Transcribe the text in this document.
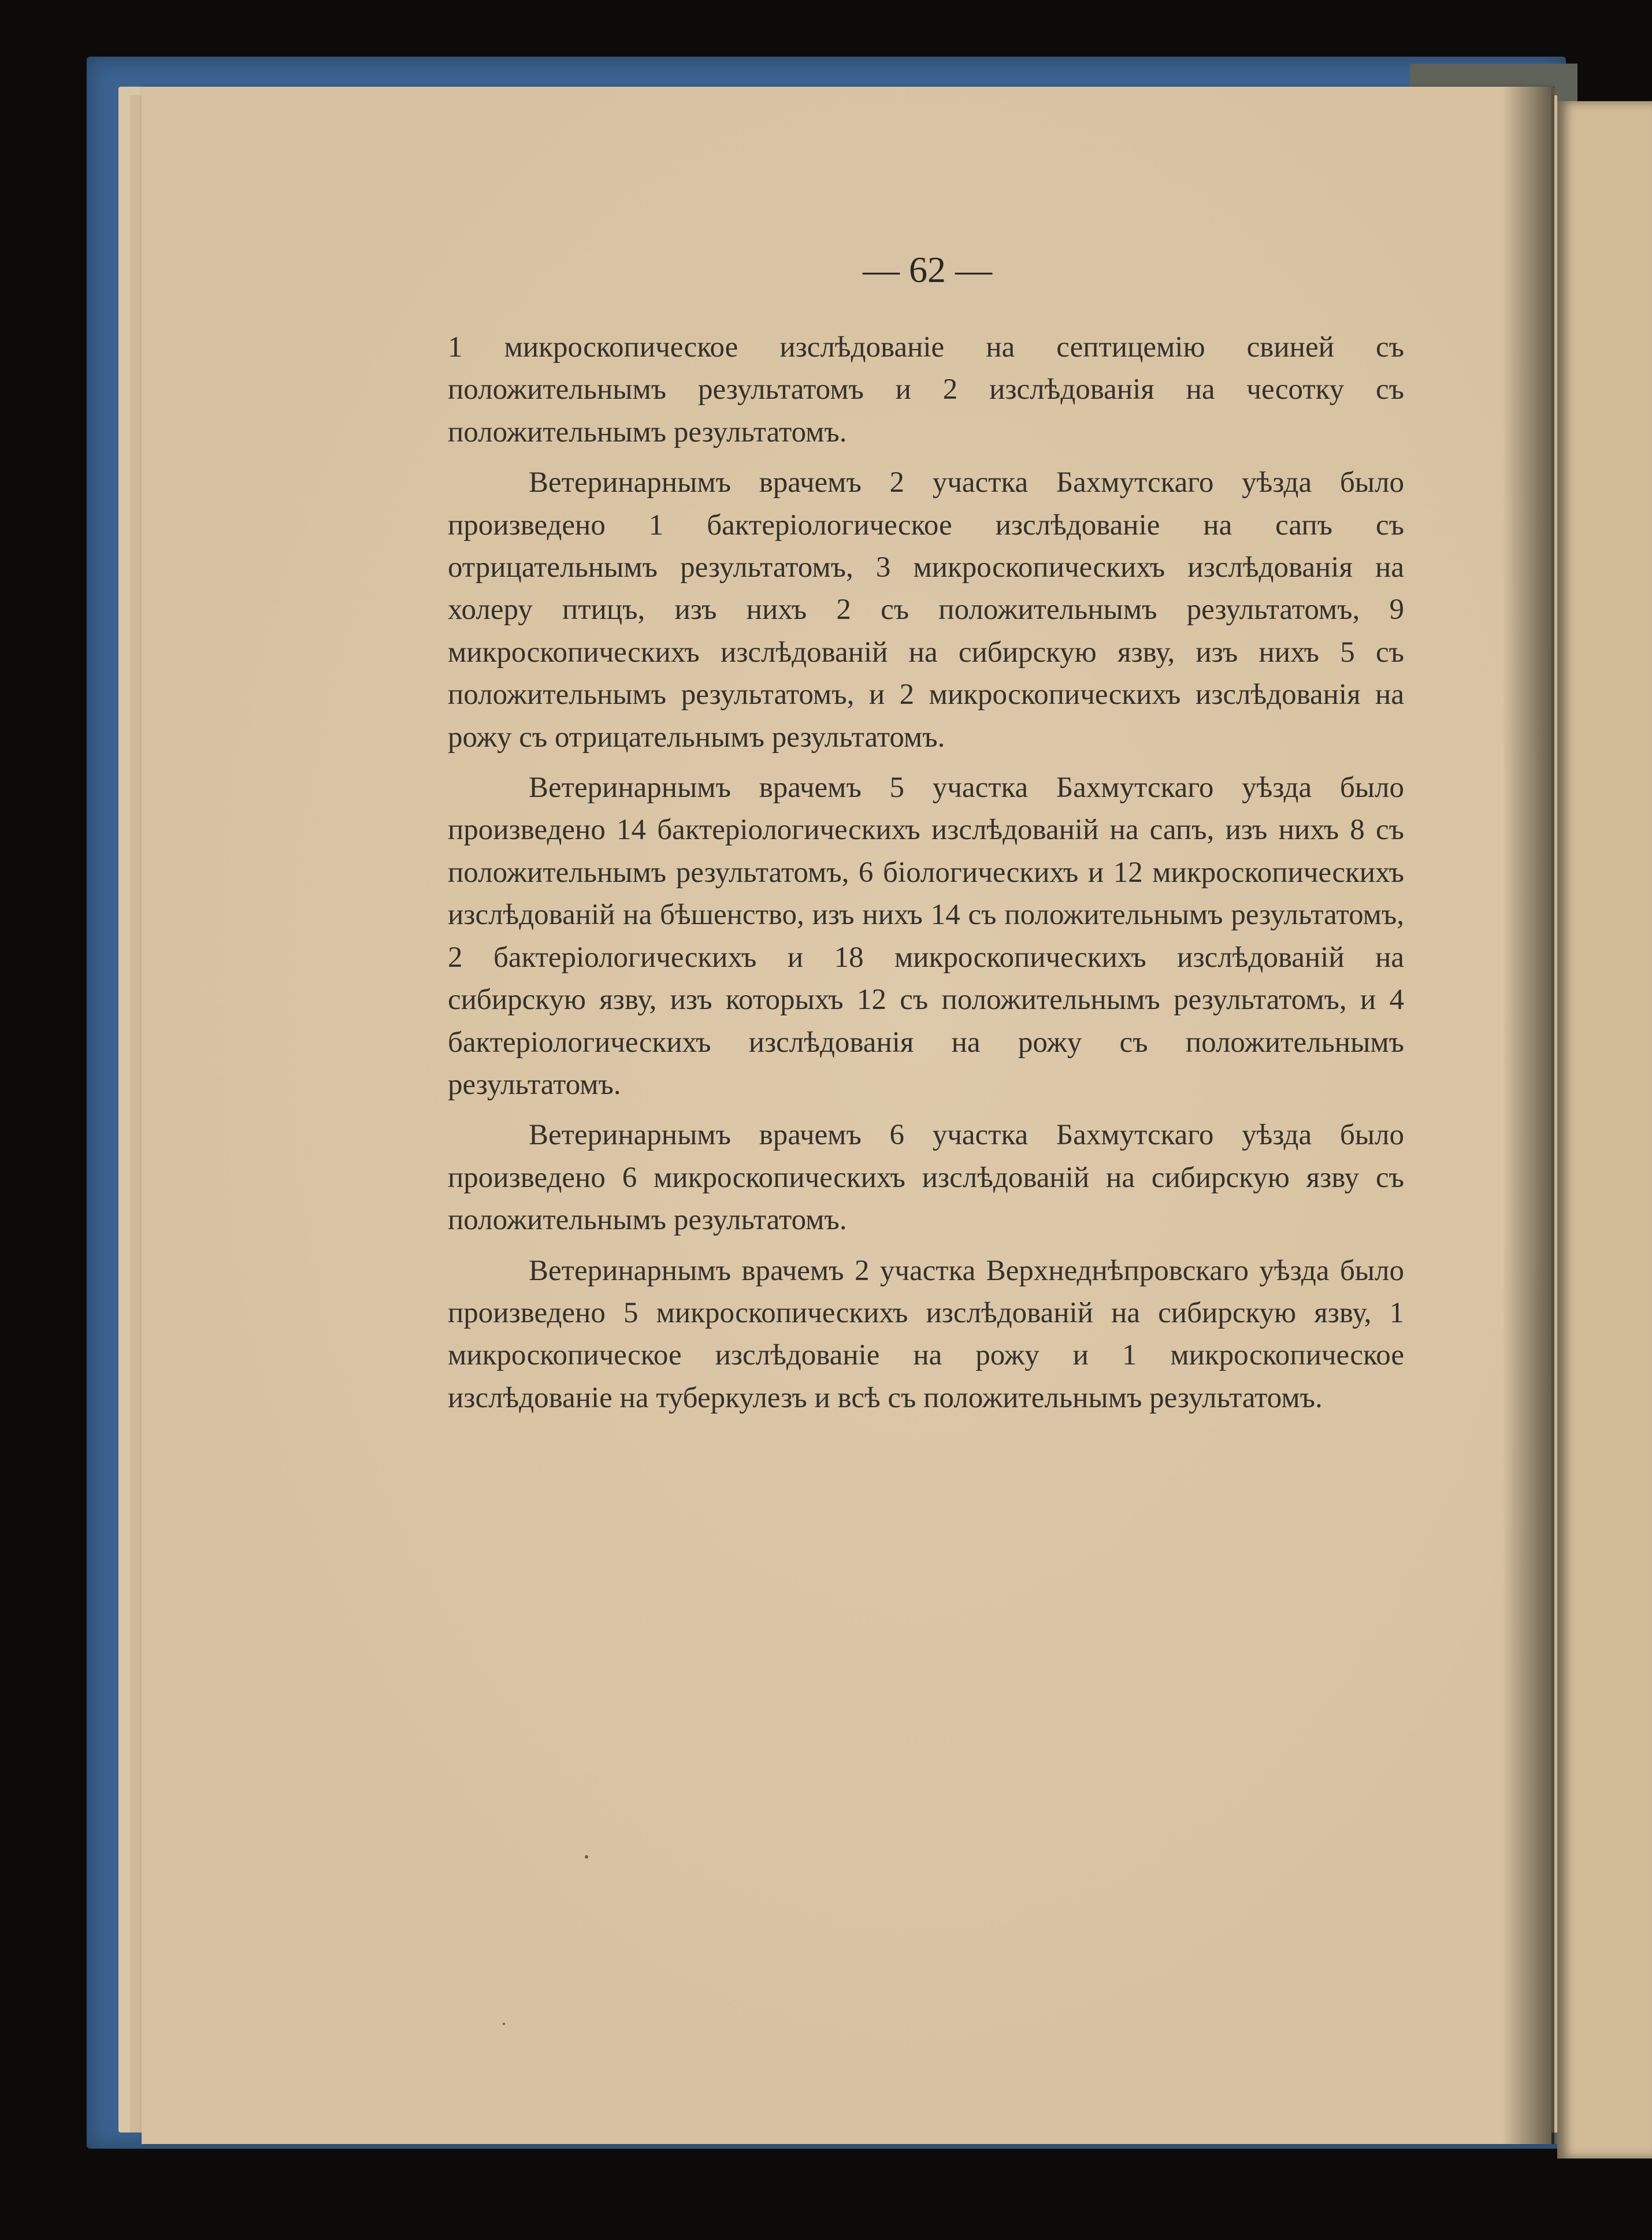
— 62 —

1 микроскопическое изслѣдованіе на септицемію свиней съ положительнымъ результатомъ и 2 изслѣдованія на чесотку съ положительнымъ результатомъ.

Ветеринарнымъ врачемъ 2 участка Бахмутскаго уѣзда было произведено 1 бактеріологическое изслѣдованіе на сапъ съ отрицательнымъ результатомъ, 3 микроскопическихъ изслѣдованія на холеру птицъ, изъ нихъ 2 съ положительнымъ результатомъ, 9 микроскопическихъ изслѣдованій на сибирскую язву, изъ нихъ 5 съ положительнымъ результатомъ, и 2 микроскопическихъ изслѣдованія на рожу съ отрицательнымъ результатомъ.

Ветеринарнымъ врачемъ 5 участка Бахмутскаго уѣзда было произведено 14 бактеріологическихъ изслѣдованій на сапъ, изъ нихъ 8 съ положительнымъ результатомъ, 6 біологическихъ и 12 микроскопическихъ изслѣдованій на бѣшенство, изъ нихъ 14 съ положительнымъ результатомъ, 2 бактеріологическихъ и 18 микроскопическихъ изслѣдованій на сибирскую язву, изъ которыхъ 12 съ положительнымъ результатомъ, и 4 бактеріологическихъ изслѣдованія на рожу съ положительнымъ результатомъ.

Ветеринарнымъ врачемъ 6 участка Бахмутскаго уѣзда было произведено 6 микроскопическихъ изслѣдованій на сибирскую язву съ положительнымъ результатомъ.

Ветеринарнымъ врачемъ 2 участка Верхнеднѣпровскаго уѣзда было произведено 5 микроскопическихъ изслѣдованій на сибирскую язву, 1 микроскопическое изслѣдованіе на рожу и 1 микроскопическое изслѣдованіе на туберкулезъ и всѣ съ положительнымъ результатомъ.
